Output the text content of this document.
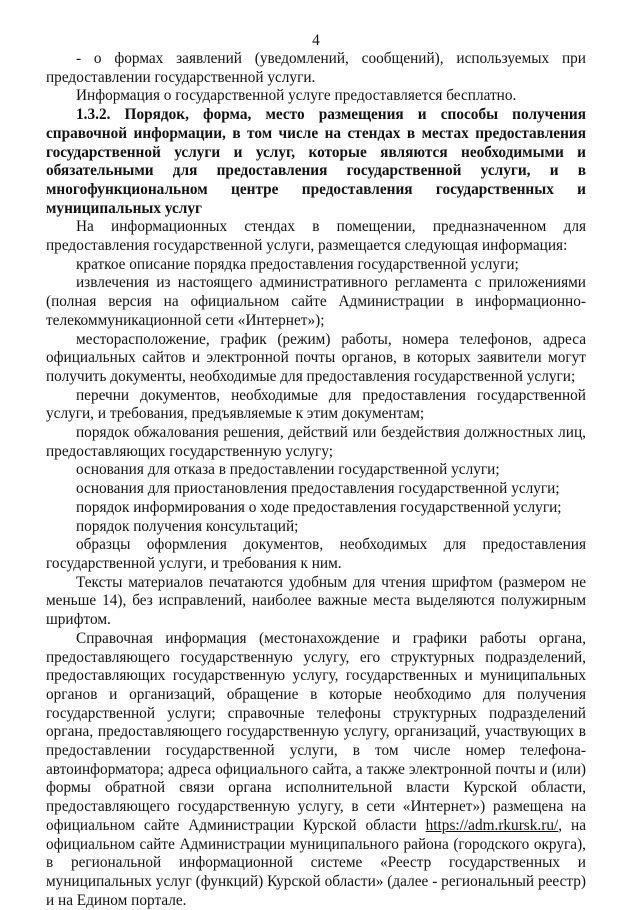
4

- о формах заявлений (уведомлений, сообщений), используемых при предоставлении государственной услуги.

Информация о государственной услуге предоставляется бесплатно.

1.3.2. Порядок, форма, место размещения и способы получения справочной информации, в том числе на стендах в местах предоставления государственной услуги и услуг, которые являются необходимыми и обязательными для предоставления государственной услуги, и в многофункциональном центре предоставления государственных и муниципальных услуг

На информационных стендах в помещении, предназначенном для предоставления государственной услуги, размещается следующая информация:

краткое описание порядка предоставления государственной услуги;

извлечения из настоящего административного регламента с приложениями (полная версия на официальном сайте Администрации в информационно-телекоммуникационной сети «Интернет»);

месторасположение, график (режим) работы, номера телефонов, адреса официальных сайтов и электронной почты органов, в которых заявители могут получить документы, необходимые для предоставления государственной услуги;

перечни документов, необходимые для предоставления государственной услуги, и требования, предъявляемые к этим документам;

порядок обжалования решения, действий или бездействия должностных лиц, предоставляющих государственную услугу;

основания для отказа в предоставлении государственной услуги;

основания для приостановления предоставления государственной услуги;

порядок информирования о ходе предоставления государственной услуги;

порядок получения консультаций;

образцы оформления документов, необходимых для предоставления государственной услуги, и требования к ним.

Тексты материалов печатаются удобным для чтения шрифтом (размером не меньше 14), без исправлений, наиболее важные места выделяются полужирным шрифтом.

Справочная информация (местонахождение и графики работы органа, предоставляющего государственную услугу, его структурных подразделений, предоставляющих государственную услугу, государственных и муниципальных органов и организаций, обращение в которые необходимо для получения государственной услуги; справочные телефоны структурных подразделений органа, предоставляющего государственную услугу, организаций, участвующих в предоставлении государственной услуги, в том числе номер телефона-автоинформатора; адреса официального сайта, а также электронной почты и (или) формы обратной связи органа исполнительной власти Курской области, предоставляющего государственную услугу, в сети «Интернет») размещена на официальном сайте Администрации Курской области https://adm.rkursk.ru/, на официальном сайте Администрации муниципального района (городского округа), в региональной информационной системе «Реестр государственных и муниципальных услуг (функций) Курской области» (далее - региональный реестр) и на Едином портале.
